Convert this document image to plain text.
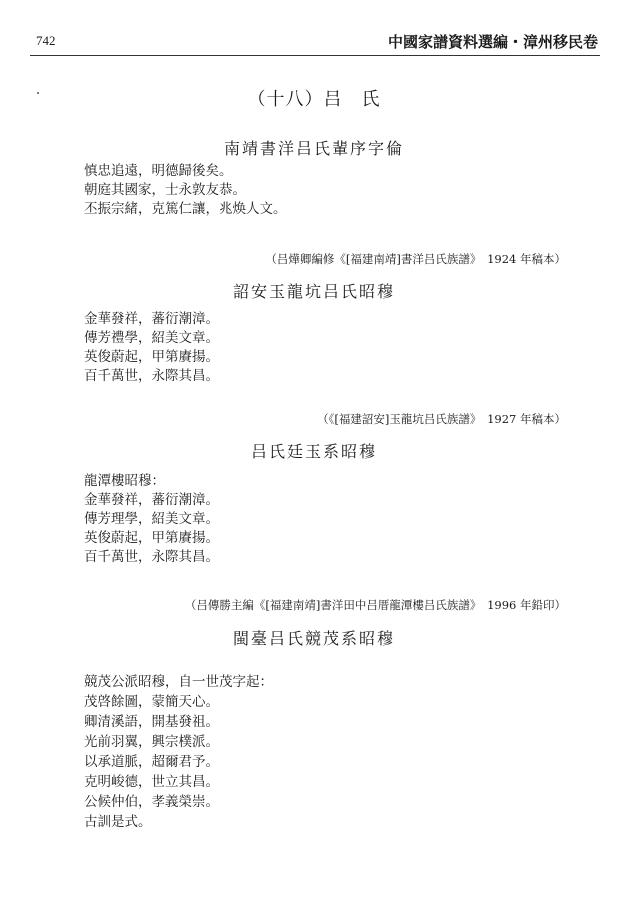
742	中國家譜資料選編・漳州移民卷
（十八）吕　氏
南靖書洋吕氏輩序字倫
慎忠追遠，明德歸後矣。
朝庭其國家，士永敦友恭。
丕振宗緒，克篤仁讓，兆焕人文。
（吕燁卿編修《[福建南靖]書洋吕氏族譜》　1924 年稿本）
詔安玉龍坑吕氏昭穆
金華發祥，蕃衍潮漳。
傳芳禮學，紹美文章。
英俊蔚起，甲第賡揚。
百千萬世，永際其昌。
（《[福建詔安]玉龍坑吕氏族譜》　1927 年稿本）
吕氏廷玉系昭穆
龍潭樓昭穆：
金華發祥，蕃衍潮漳。
傳芳理學，紹美文章。
英俊蔚起，甲第賡揚。
百千萬世，永際其昌。
（吕傳勝主編《[福建南靖]書洋田中吕厝龍潭樓吕氏族譜》　1996 年鉛印）
閩臺吕氏競茂系昭穆
競茂公派昭穆，自一世茂字起：
茂啓餘圖，蒙簡天心。
卿清溪語，開基發祖。
光前羽翼，興宗樸派。
以承道脈，超爾君予。
克明峻德，世立其昌。
公候仲伯，孝義榮崇。
古訓是式。
